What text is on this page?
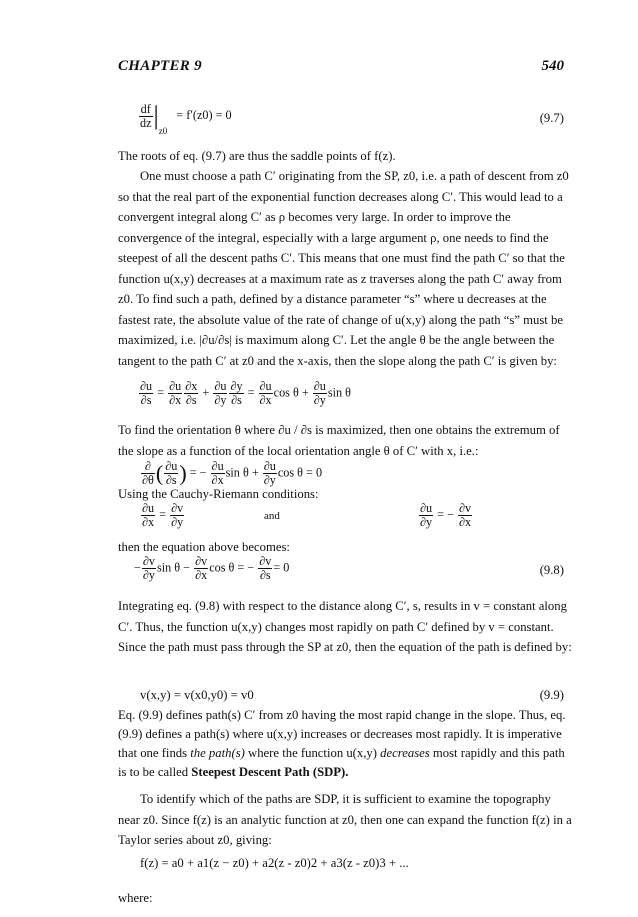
CHAPTER 9	540
$\frac{df}{dz} |_{z0} = f'(z0) = 0$	(9.7)
The roots of eq. (9.7) are thus the saddle points of f(z).
One must choose a path C′ originating from the SP, z0, i.e. a path of descent from z0 so that the real part of the exponential function decreases along C′. This would lead to a convergent integral along C′ as ρ becomes very large. In order to improve the convergence of the integral, especially with a large argument ρ, one needs to find the steepest of all the descent paths C′. This means that one must find the path C′ so that the function u(x,y) decreases at a maximum rate as z traverses along the path C′ away from z0. To find such a path, defined by a distance parameter “s” where u decreases at the fastest rate, the absolute value of the rate of change of u(x,y) along the path “s” must be maximized, i.e. |∂u/∂s| is maximum along C′. Let the angle θ be the angle between the tangent to the path C′ at z0 and the x-axis, then the slope along the path C′ is given by:
$\frac{\partial u}{\partial s} = \frac{\partial u}{\partial x} \frac{\partial x}{\partial s} + \frac{\partial u}{\partial y} \frac{\partial y}{\partial s} = \frac{\partial u}{\partial x}$ $\cos \theta + \frac{\partial u}{\partial y}$ sin θ
To find the orientation θ where ∂u / ∂s is maximized, then one obtains the extremum of the slope as a function of the local orientation angle θ of C′ with x, i.e.:
$\frac{\partial}{\partial\theta}$ ( $\frac{\partial u}{\partial s}$ ) = − $\frac{\partial u}{\partial x}$ $\sin \theta + \frac{\partial u}{\partial y}$ cos θ = 0
Using the Cauchy-Riemann conditions:
$\frac{\partial u}{\partial x} = \frac{\partial v}{\partial y}$	and	$\frac{\partial u}{\partial y}$ = − $\frac{\partial v}{\partial x}$
then the equation above becomes:
− $\frac{\partial v}{\partial y}$ $\sin \theta - \frac{\partial v}{\partial x}$ cos θ = − $\frac{\partial v}{\partial s} = 0$	(9.8)
Integrating eq. (9.8) with respect to the distance along C′, s, results in v = constant along C′. Thus, the function u(x,y) changes most rapidly on path C′ defined by v = constant. Since the path must pass through the SP at z0, then the equation of the path is defined by:
v(x,y) = v(x0,y0) = v0	(9.9)
Eq. (9.9) defines path(s) C′ from z0 having the most rapid change in the slope. Thus, eq. (9.9) defines a path(s) where u(x,y) increases or decreases most rapidly. It is imperative that one finds the path(s) where the function u(x,y) decreases most rapidly and this path is to be called Steepest Descent Path (SDP).
To identify which of the paths are SDP, it is sufficient to examine the topography near z0. Since f(z) is an analytic function at z0, then one can expand the function f(z) in a Taylor series about z0, giving:
f(z) = a0 + a1(z − z0) + a2(z - z0)2 + a3(z - z0)3 + ...
where:
